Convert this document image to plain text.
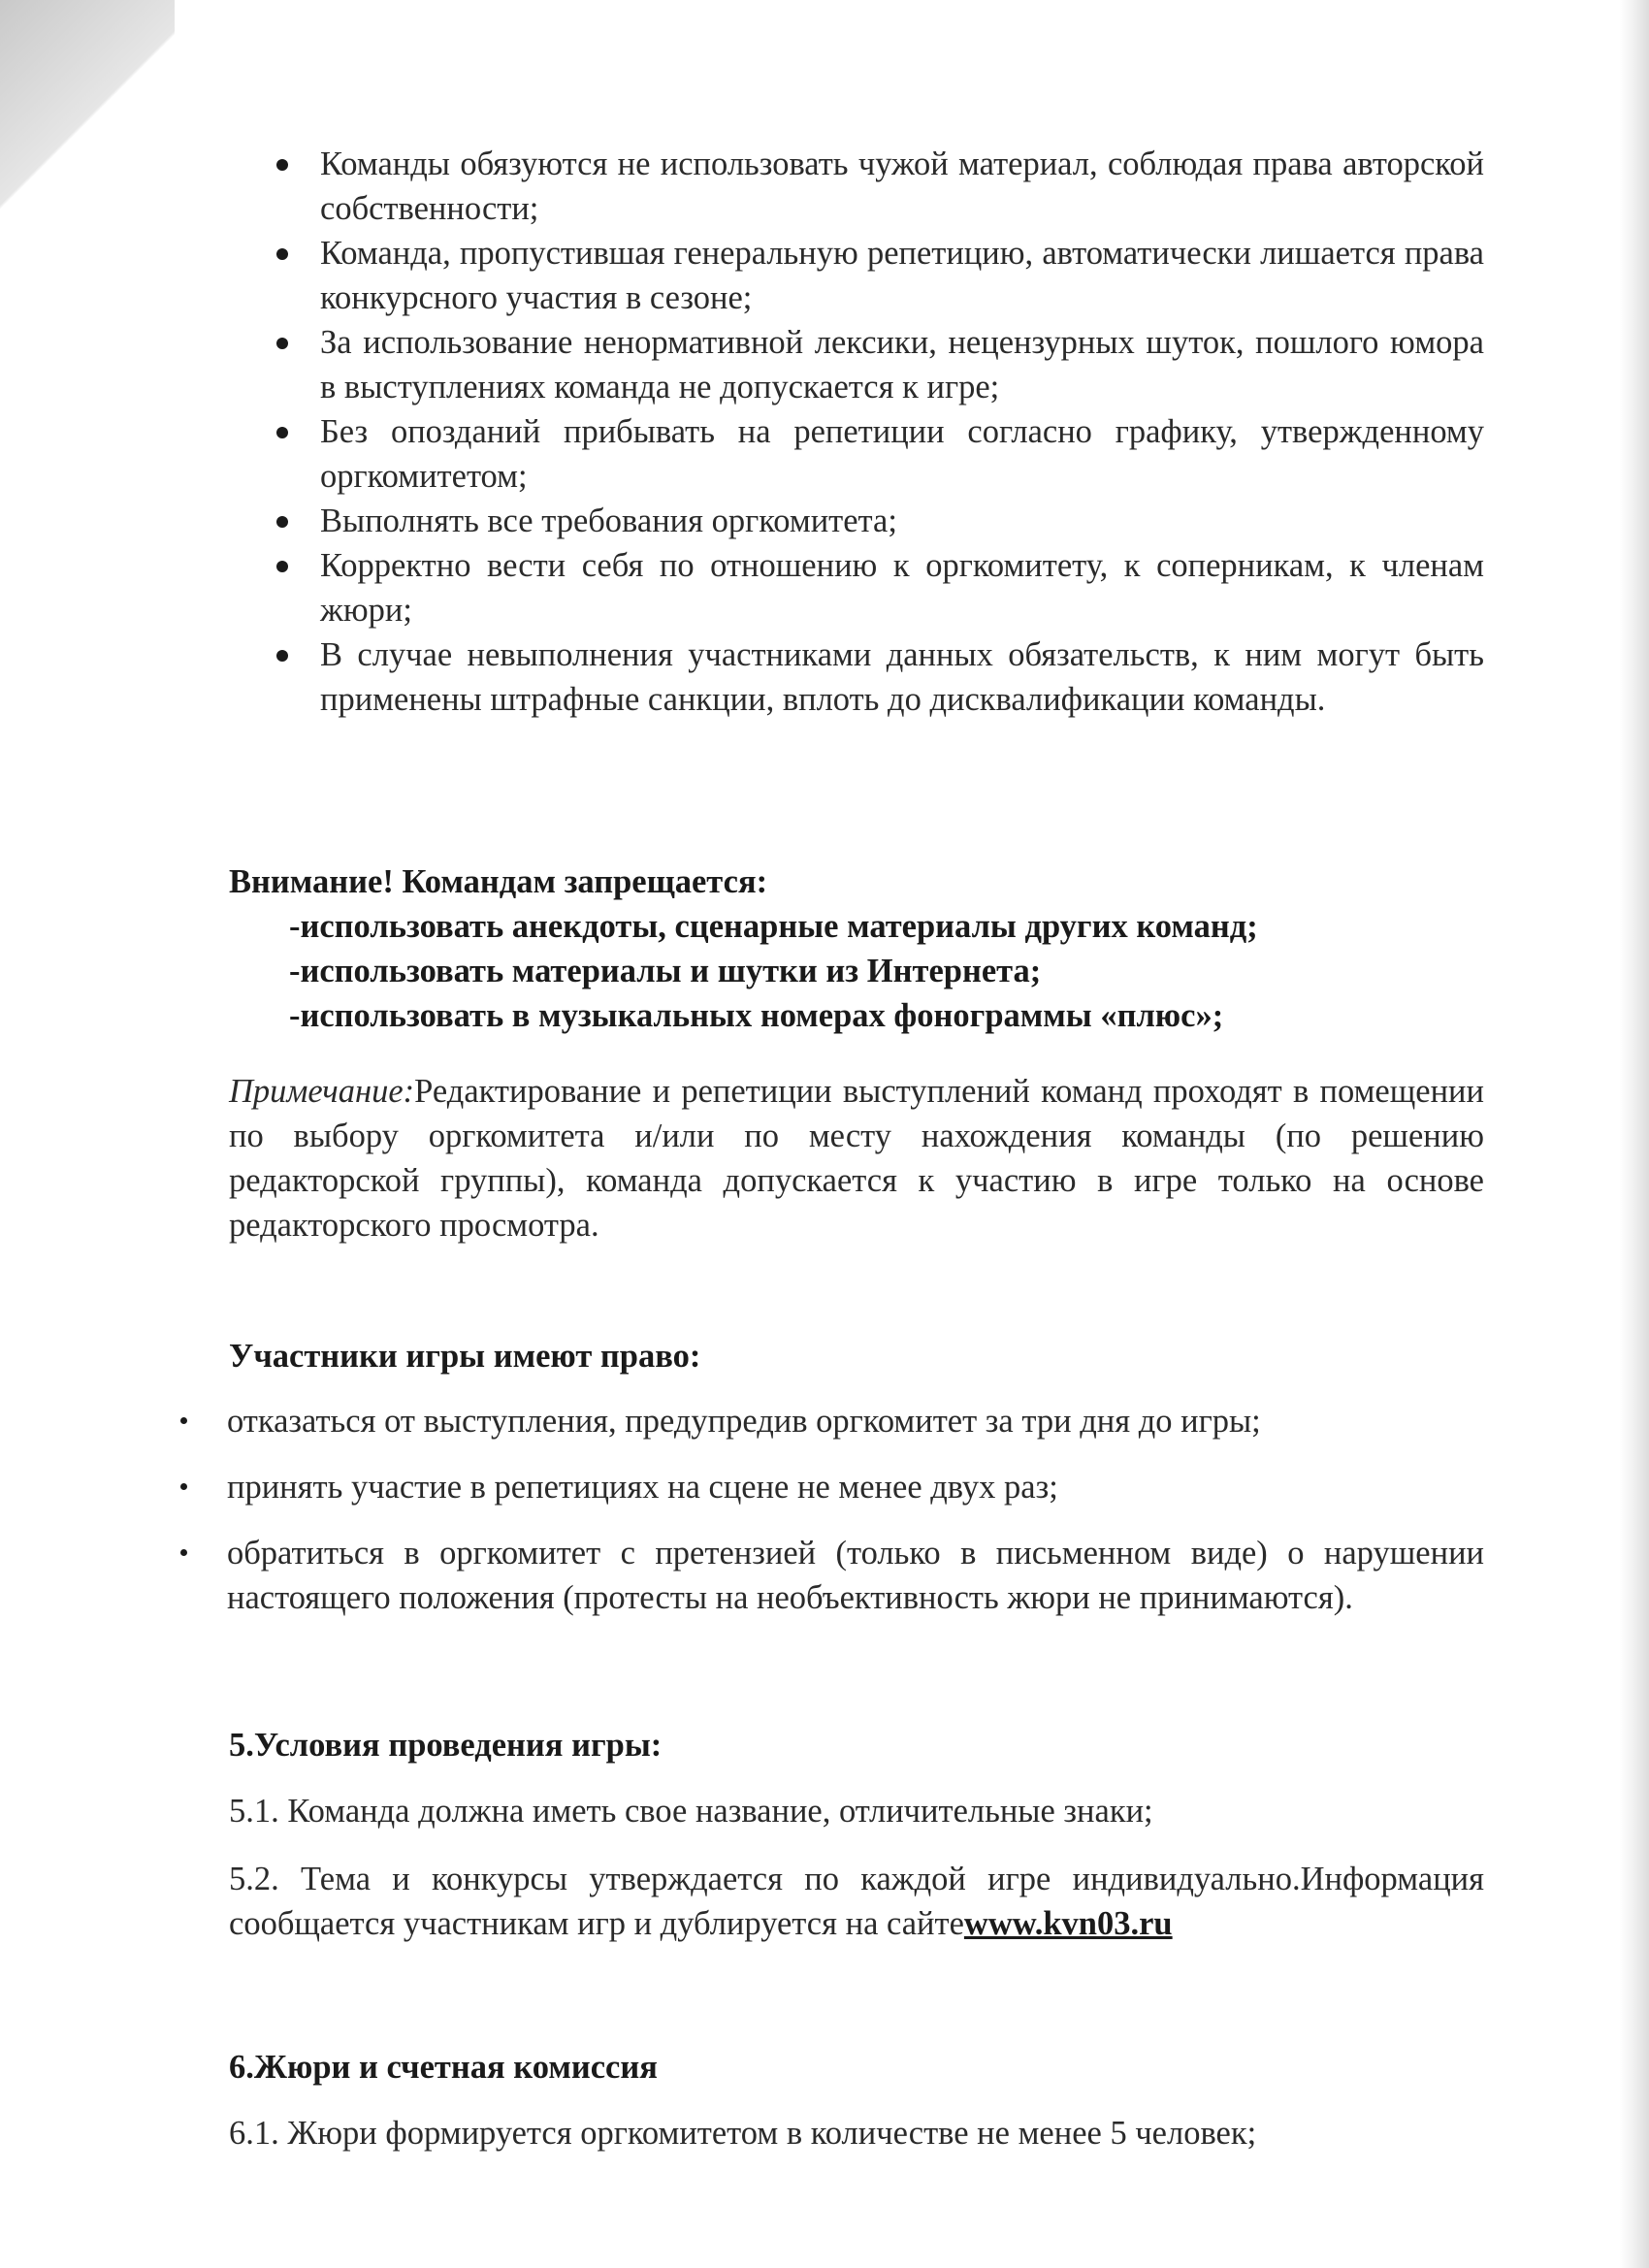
Команды обязуются не использовать чужой материал, соблюдая права авторской собственности;

Команда, пропустившая генеральную репетицию, автоматически лишается права конкурсного участия в сезоне;

За использование ненормативной лексики, нецензурных шуток, пошлого юмора в выступлениях команда не допускается к игре;

Без опозданий прибывать на репетиции согласно графику, утвержденному оргкомитетом;

Выполнять все требования оргкомитета;

Корректно вести себя по отношению к оргкомитету, к соперникам, к членам жюри;

В случае невыполнения участниками данных обязательств, к ним могут быть применены штрафные санкции, вплоть до дисквалификации команды.

Внимание! Командам запрещается:

-использовать анекдоты, сценарные материалы других команд;

-использовать материалы и шутки из Интернета;

-использовать в музыкальных номерах фонограммы «плюс»;

Примечание:Редактирование и репетиции выступлений команд проходят в помещении по выбору оргкомитета и/или по месту нахождения команды (по решению редакторской группы), команда допускается к участию в игре только на основе редакторского просмотра.

Участники игры имеют право:

отказаться от выступления, предупредив оргкомитет за три дня до игры;

принять участие в репетициях на сцене не менее двух раз;

обратиться в оргкомитет с претензией (только в письменном виде) о нарушении настоящего положения (протесты на необъективность жюри не принимаются).

5.Условия проведения игры:

5.1. Команда должна иметь свое название, отличительные знаки;

5.2. Тема и конкурсы утверждается по каждой игре индивидуально.Информация сообщается участникам игр и дублируется на сайтеwww.kvn03.ru

6.Жюри и счетная комиссия

6.1. Жюри формируется оргкомитетом в количестве не менее 5 человек;
